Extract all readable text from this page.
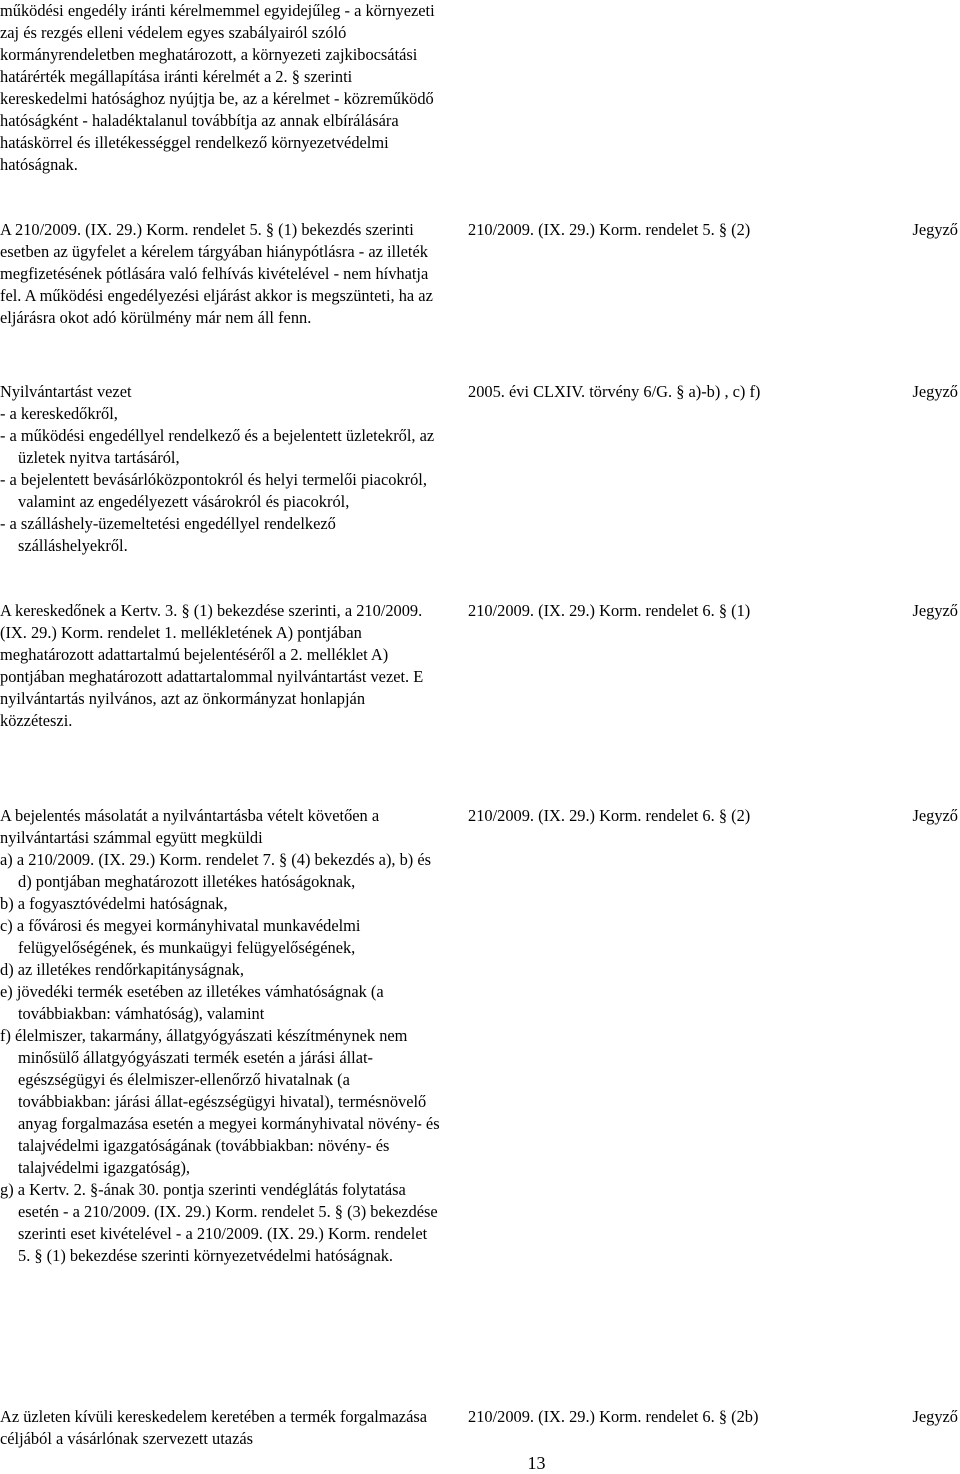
működési engedély iránti kérelmemmel egyidejűleg - a környezeti zaj és rezgés elleni védelem egyes szabályairól szóló kormányrendeletben meghatározott, a környezeti zajkibocsátási határérték megállapítása iránti kérelmét a 2. § szerinti kereskedelmi hatósághoz nyújtja be, az a kérelmet - közreműködő hatóságként - haladéktalanul továbbítja az annak elbírálására hatáskörrel és illetékességgel rendelkező környezetvédelmi hatóságnak.

A 210/2009. (IX. 29.) Korm. rendelet 5. § (1) bekezdés szerinti esetben az ügyfelet a kérelem tárgyában hiánypótlásra - az illeték megfizetésének pótlására való felhívás kivételével - nem hívhatja fel. A működési engedélyezési eljárást akkor is megszünteti, ha az eljárásra okot adó körülmény már nem áll fenn.

210/2009. (IX. 29.) Korm. rendelet 5. § (2)	Jegyző

Nyilvántartást vezet

- a kereskedőkről,

- a működési engedéllyel rendelkező és a bejelentett üzletekről, az üzletek nyitva tartásáról,

- a bejelentett bevásárlóközpontokról és helyi termelői piacokról, valamint az engedélyezett vásárokról és piacokról,

- a szálláshely-üzemeltetési engedéllyel rendelkező szálláshelyekről.

2005. évi CLXIV. törvény 6/G. § a)-b) , c) f)	Jegyző

A kereskedőnek a Kertv. 3. § (1) bekezdése szerinti, a 210/2009. (IX. 29.) Korm. rendelet 1. mellékletének A) pontjában meghatározott adattartalmú bejelentéséről a 2. melléklet A) pontjában meghatározott adattartalommal nyilvántartást vezet. E nyilvántartás nyilvános, azt az önkormányzat honlapján közzéteszi.

210/2009. (IX. 29.) Korm. rendelet 6. § (1)	Jegyző

A bejelentés másolatát a nyilvántartásba vételt követően a nyilvántartási számmal együtt megküldi

a) a 210/2009. (IX. 29.) Korm. rendelet 7. § (4) bekezdés a), b) és d) pontjában meghatározott illetékes hatóságoknak,

b) a fogyasztóvédelmi hatóságnak,

c) a fővárosi és megyei kormányhivatal munkavédelmi felügyelőségének, és munkaügyi felügyelőségének,

d) az illetékes rendőrkapitányságnak,

e) jövedéki termék esetében az illetékes vámhatóságnak (a továbbiakban: vámhatóság), valamint

f) élelmiszer, takarmány, állatgyógyászati készítménynek nem minősülő állatgyógyászati termék esetén a járási állat-egészségügyi és élelmiszer-ellenőrző hivatalnak (a továbbiakban: járási állat-egészségügyi hivatal), termésnövelő anyag forgalmazása esetén a megyei kormányhivatal növény- és talajvédelmi igazgatóságának (továbbiakban: növény- és talajvédelmi igazgatóság),

g) a Kertv. 2. §-ának 30. pontja szerinti vendéglátás folytatása esetén - a 210/2009. (IX. 29.) Korm. rendelet 5. § (3) bekezdése szerinti eset kivételével - a 210/2009. (IX. 29.) Korm. rendelet 5. § (1) bekezdése szerinti környezetvédelmi hatóságnak.

210/2009. (IX. 29.) Korm. rendelet 6. § (2)	Jegyző

Az üzleten kívüli kereskedelem keretében a termék forgalmazása céljából a vásárlónak szervezett utazás

210/2009. (IX. 29.) Korm. rendelet 6. § (2b)	Jegyző
13
